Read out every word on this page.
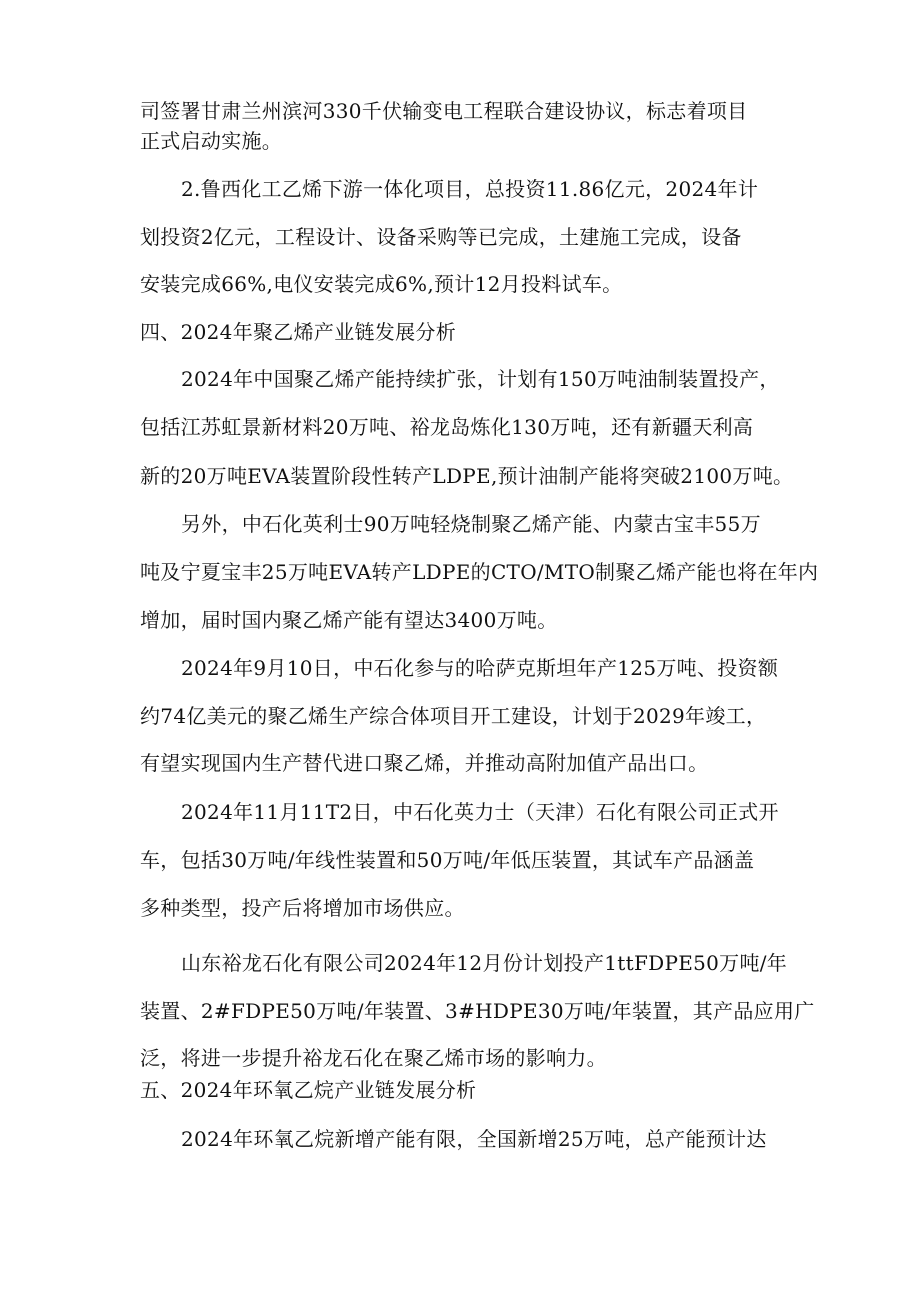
司签署甘肃兰州滨河330千伏输变电工程联合建设协议，标志着项目
正式启动实施。
2.鲁西化工乙烯下游一体化项目，总投资11.86亿元，2024年计
划投资2亿元，工程设计、设备采购等已完成，土建施工完成，设备
安装完成66%,电仪安装完成6%,预计12月投料试车。
四、2024年聚乙烯产业链发展分析
2024年中国聚乙烯产能持续扩张，计划有150万吨油制装置投产，
包括江苏虹景新材料20万吨、裕龙岛炼化130万吨，还有新疆天利高
新的20万吨EVA装置阶段性转产LDPE,预计油制产能将突破2100万吨。
另外，中石化英利士90万吨轻烧制聚乙烯产能、内蒙古宝丰55万
吨及宁夏宝丰25万吨EVA转产LDPE的CTO/MTO制聚乙烯产能也将在年内
增加，届时国内聚乙烯产能有望达3400万吨。
2024年9月10日，中石化参与的哈萨克斯坦年产125万吨、投资额
约74亿美元的聚乙烯生产综合体项目开工建设，计划于2029年竣工，
有望实现国内生产替代进口聚乙烯，并推动高附加值产品出口。
2024年11月11T2日，中石化英力士（天津）石化有限公司正式开
车，包括30万吨/年线性装置和50万吨/年低压装置，其试车产品涵盖
多种类型，投产后将增加市场供应。
山东裕龙石化有限公司2024年12月份计划投产1ttFDPE50万吨/年
装置、2#FDPE50万吨/年装置、3#HDPE30万吨/年装置，其产品应用广
泛，将进一步提升裕龙石化在聚乙烯市场的影响力。
五、2024年环氧乙烷产业链发展分析
2024年环氧乙烷新增产能有限，全国新增25万吨，总产能预计达
